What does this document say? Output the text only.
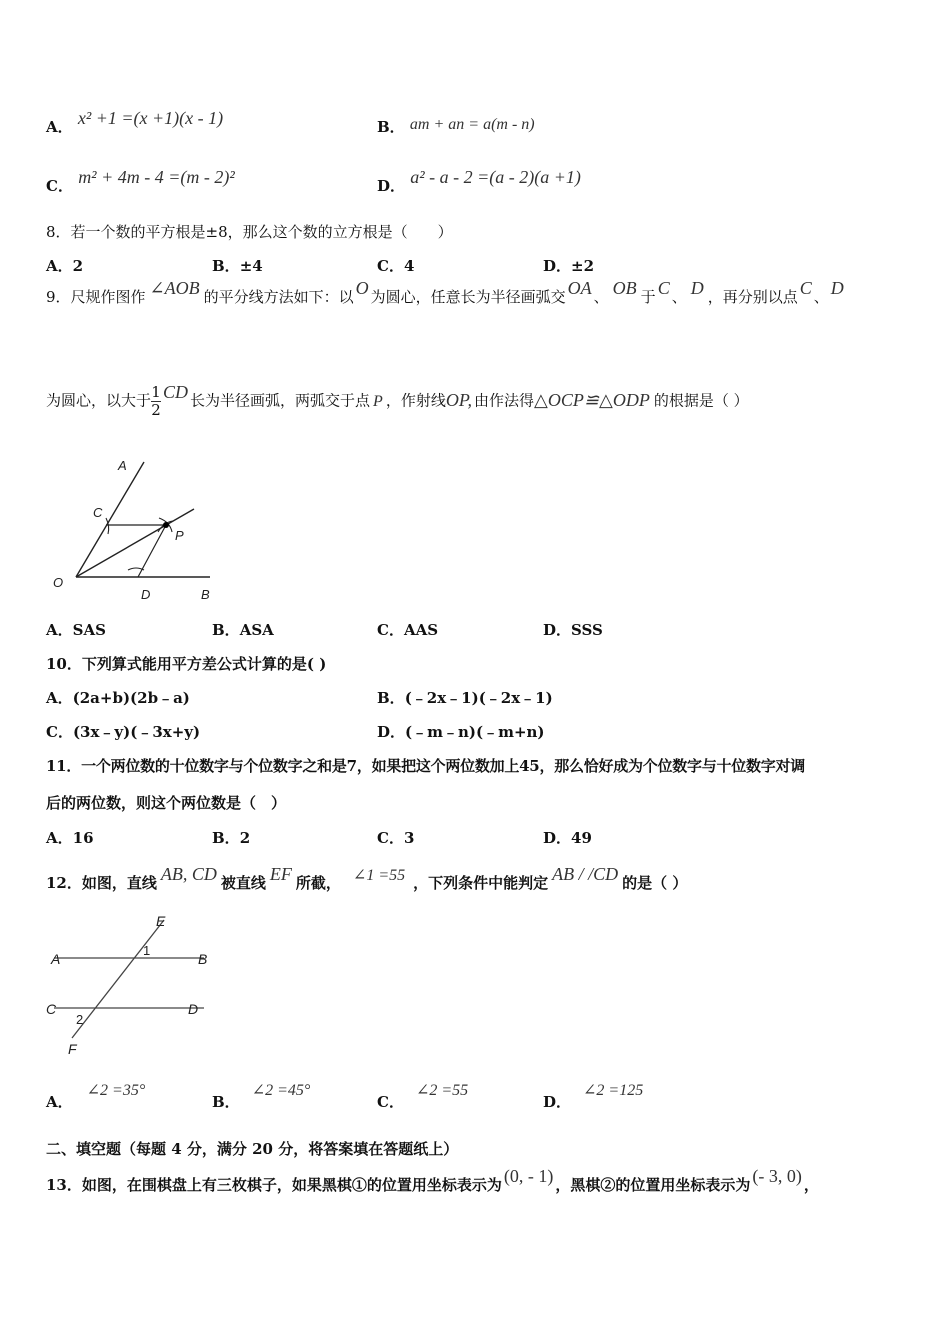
A． x² +1 =(x +1)(x - 1)	B． am + an = a(m - n)
C． m² + 4m - 4 =(m - 2)²	D． a² - a - 2 =(a - 2)(a +1)
8．若一个数的平方根是±8，那么这个数的立方根是（　　）
A．2	B．±4	C．4	D．±2
9．尺规作图作 ∠AOB 的平分线方法如下：以 O 为圆心，任意长为半径画弧交 OA 、 OB 于 C 、 D ，再分别以点 C 、 D
为圆心，以大于 $\frac{1}{2}$ CD 长为半径画弧，两弧交于点 P ，作射线OP, 由作法得△OCP≌△ODP 的根据是（ ）
A
C
P
O
D	B
A．SAS	B．ASA	C．AAS	D．SSS
10．下列算式能用平方差公式计算的是( )
A．(2a+b)(2b﹣a)	B．(﹣2x﹣1)(﹣2x﹣1)
C．(3x﹣y)(﹣3x+y)	D．(﹣m﹣n)(﹣m+n)
11．一个两位数的十位数字与个位数字之和是7，如果把这个两位数加上45，那么恰好成为个位数字与十位数字对调
后的两位数，则这个两位数是（　）
A．16	B．2	C．3	D．49
12．如图，直线 AB, CD 被直线 EF 所截， ∠1 =55 ，下列条件中能判定 AB / /CD 的是（ ）
E
A	B
1
C	D
2
F
A．∠2 =35°
B．∠2 =45°
C．∠2 =55
D．∠2 =125
二、填空题（每题 4 分，满分 20 分，将答案填在答题纸上）
13．如图，在围棋盘上有三枚棋子，如果黑棋①的位置用坐标表示为 (0, - 1) ，黑棋②的位置用坐标表示为 (- 3, 0) ，
